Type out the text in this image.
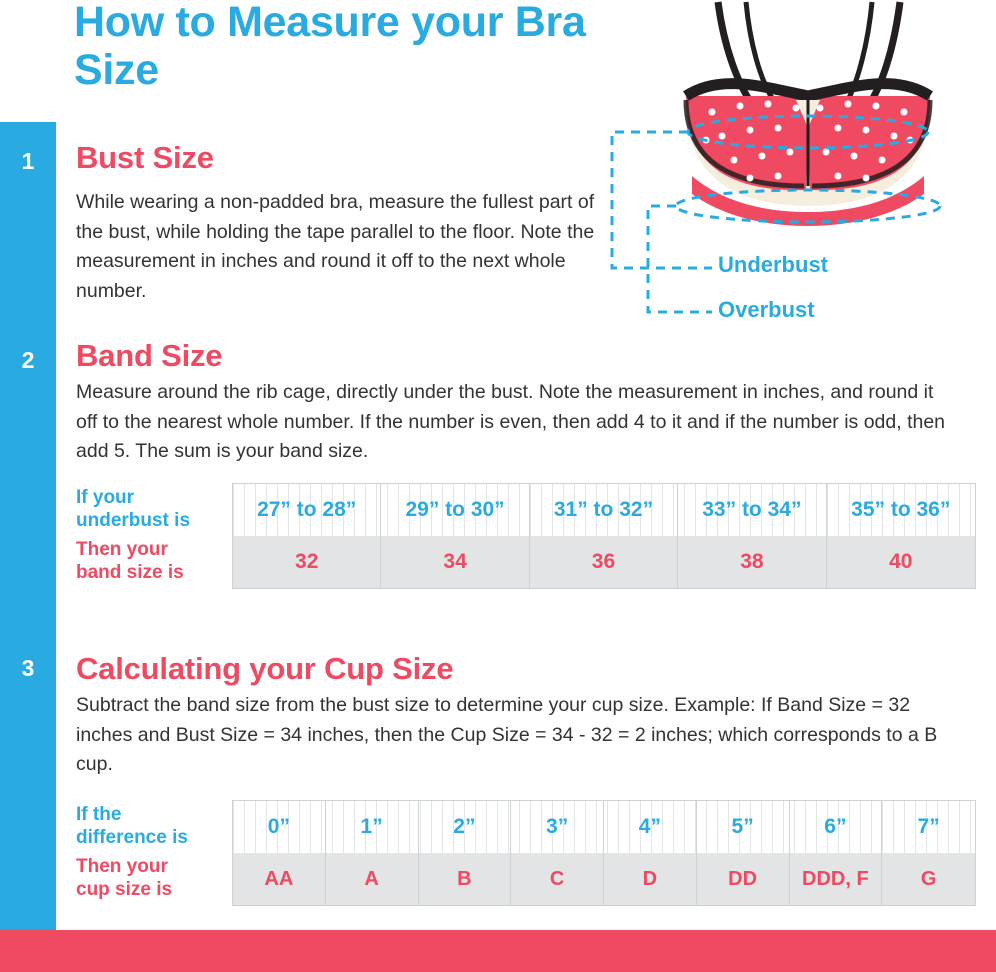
How to Measure your Bra Size
1
2
3
Bust Size
Band Size
Calculating your Cup Size
While wearing a non-padded bra, measure the fullest part of the bust, while holding the tape parallel to the floor. Note the measurement in inches and round it off to the next whole number.
Measure around the rib cage, directly under the bust. Note the measurement in inches, and round it off to the nearest whole number. If the number is even, then add 4 to it and if the number is odd, then add 5. The sum is your band size.
Subtract the band size from the bust size to determine your cup size. Example: If Band Size = 32 inches and Bust Size = 34 inches, then the Cup Size = 34 - 32 = 2 inches; which corresponds to a B cup.
Underbust
Overbust
If your
underbust is
Then your
band size is
27” to 28”	29” to 30”	31” to 32”	33” to 34”	35” to 36”
32	34	36	38	40
If the
difference is
Then your
cup size is
0”	1”	2”	3”	4”	5”	6”	7”
AA	A	B	C	D	DD	DDD, F	G
